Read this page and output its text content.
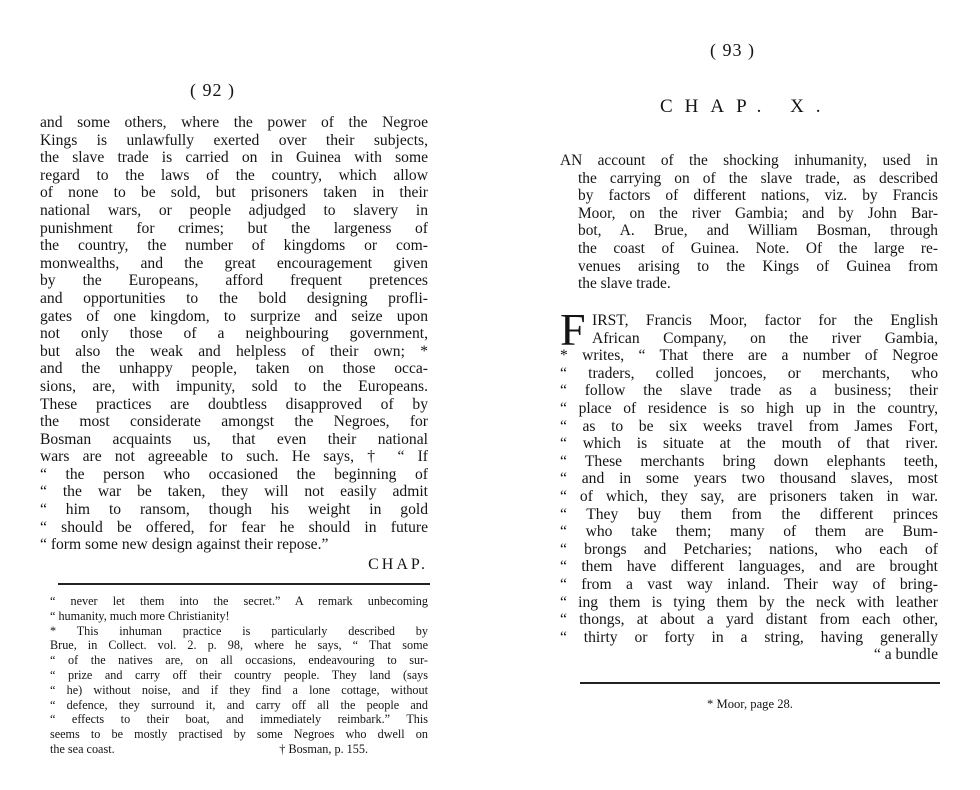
( 92 )
and some others, where the power of the Negroe
Kings is unlawfully exerted over their subjects,
the slave trade is carried on in Guinea with some
regard to the laws of the country, which allow
of none to be sold, but prisoners taken in their
national wars, or people adjudged to slavery in
punishment for crimes; but the largeness of
the country, the number of kingdoms or com-
monwealths, and the great encouragement given
by the Europeans, afford frequent pretences
and opportunities to the bold designing profli-
gates of one kingdom, to surprize and seize upon
not only those of a neighbouring government,
but also the weak and helpless of their own; *
and the unhappy people, taken on those occa-
sions, are, with impunity, sold to the Europeans.
These practices are doubtless disapproved of by
the most considerate amongst the Negroes, for
Bosman acquaints us, that even their national
wars are not agreeable to such. He says, † “ If
“ the person who occasioned the beginning of
“ the war be taken, they will not easily admit
“ him to ransom, though his weight in gold
“ should be offered, for fear he should in future
“ form some new design against their repose.”
CHAP.
“ never let them into the secret.” A remark unbecoming
“ humanity, much more Christianity!
* This inhuman practice is particularly described by
Brue, in Collect. vol. 2. p. 98, where he says, “ That some
“ of the natives are, on all occasions, endeavouring to sur-
“ prize and carry off their country people. They land (says
“ he) without noise, and if they find a lone cottage, without
“ defence, they surround it, and carry off all the people and
“ effects to their boat, and immediately reimbark.” This
seems to be mostly practised by some Negroes who dwell on
the sea coast.	† Bosman, p. 155.
( 93 )
CHAP. X.
AN account of the shocking inhumanity, used in
the carrying on of the slave trade, as described
by factors of different nations, viz. by Francis
Moor, on the river Gambia; and by John Bar-
bot, A. Brue, and William Bosman, through
the coast of Guinea. Note. Of the large re-
venues arising to the Kings of Guinea from
the slave trade.
F IRST, Francis Moor, factor for the English
African Company, on the river Gambia,
* writes, “ That there are a number of Negroe
“ traders, colled joncoes, or merchants, who
“ follow the slave trade as a business; their
“ place of residence is so high up in the country,
“ as to be six weeks travel from James Fort,
“ which is situate at the mouth of that river.
“ These merchants bring down elephants teeth,
“ and in some years two thousand slaves, most
“ of which, they say, are prisoners taken in war.
“ They buy them from the different princes
“ who take them; many of them are Bum-
“ brongs and Petcharies; nations, who each of
“ them have different languages, and are brought
“ from a vast way inland. Their way of bring-
“ ing them is tying them by the neck with leather
“ thongs, at about a yard distant from each other,
“ thirty or forty in a string, having generally
“ a bundle
* Moor, page 28.
